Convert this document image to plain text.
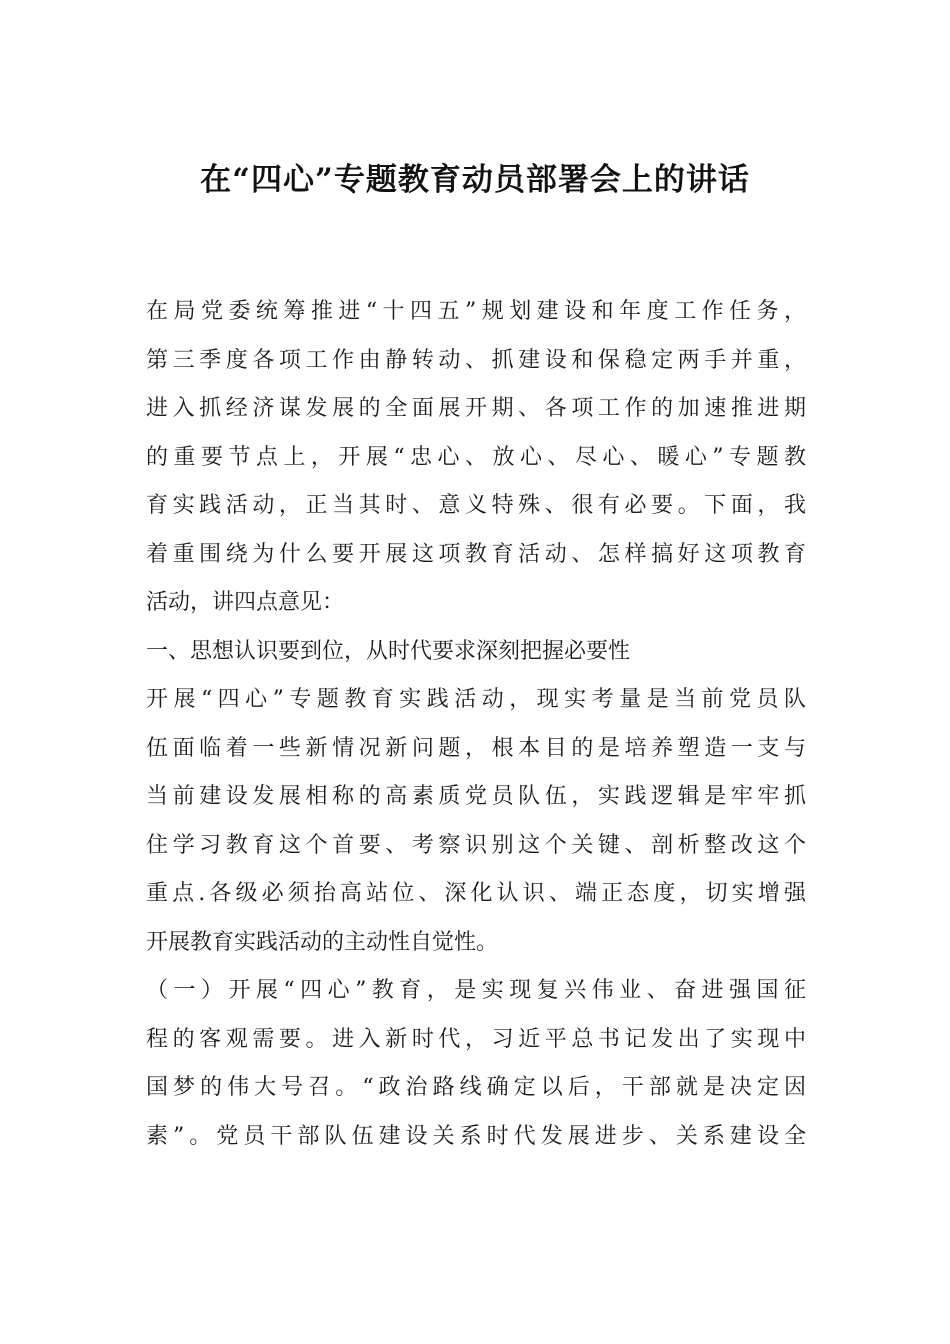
在“四心”专题教育动员部署会上的讲话

在局党委统筹推进“十四五”规划建设和年度工作任务，

第三季度各项工作由静转动、抓建设和保稳定两手并重，

进入抓经济谋发展的全面展开期、各项工作的加速推进期

的重要节点上，开展“忠心、放心、尽心、暖心”专题教

育实践活动，正当其时、意义特殊、很有必要。下面，我

着重围绕为什么要开展这项教育活动、怎样搞好这项教育

活动，讲四点意见：

一、思想认识要到位，从时代要求深刻把握必要性

开展“四心”专题教育实践活动，现实考量是当前党员队

伍面临着一些新情况新问题，根本目的是培养塑造一支与

当前建设发展相称的高素质党员队伍，实践逻辑是牢牢抓

住学习教育这个首要、考察识别这个关键、剖析整改这个

重点.各级必须抬高站位、深化认识、端正态度，切实增强

开展教育实践活动的主动性自觉性。

（一）开展“四心”教育，是实现复兴伟业、奋进强国征

程的客观需要。进入新时代，习近平总书记发出了实现中

国梦的伟大号召。“政治路线确定以后，干部就是决定因

素”。党员干部队伍建设关系时代发展进步、关系建设全
